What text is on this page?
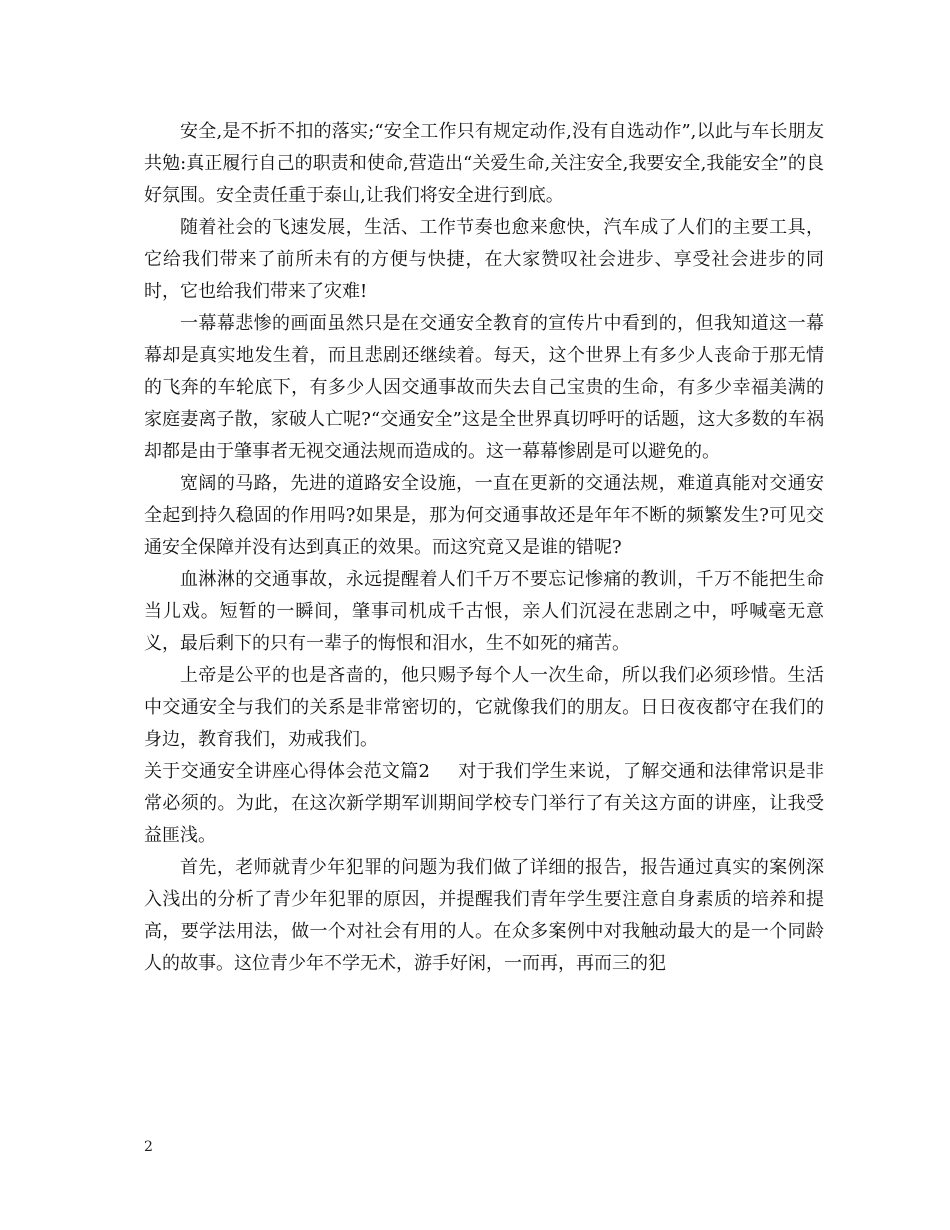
安全,是不折不扣的落实;“安全工作只有规定动作,没有自选动作”,以此与车长朋友共勉:真正履行自己的职责和使命,营造出“关爱生命,关注安全,我要安全,我能安全”的良好氛围。安全责任重于泰山,让我们将安全进行到底。

随着社会的飞速发展，生活、工作节奏也愈来愈快，汽车成了人们的主要工具，它给我们带来了前所未有的方便与快捷，在大家赞叹社会进步、享受社会进步的同时，它也给我们带来了灾难!

一幕幕悲惨的画面虽然只是在交通安全教育的宣传片中看到的，但我知道这一幕幕却是真实地发生着，而且悲剧还继续着。每天，这个世界上有多少人丧命于那无情的飞奔的车轮底下，有多少人因交通事故而失去自己宝贵的生命，有多少幸福美满的家庭妻离子散，家破人亡呢?“交通安全”这是全世界真切呼吁的话题，这大多数的车祸却都是由于肇事者无视交通法规而造成的。这一幕幕惨剧是可以避免的。

宽阔的马路，先进的道路安全设施，一直在更新的交通法规，难道真能对交通安全起到持久稳固的作用吗?如果是，那为何交通事故还是年年不断的频繁发生?可见交通安全保障并没有达到真正的效果。而这究竟又是谁的错呢?

血淋淋的交通事故，永远提醒着人们千万不要忘记惨痛的教训，千万不能把生命当儿戏。短暂的一瞬间，肇事司机成千古恨，亲人们沉浸在悲剧之中，呼喊毫无意义，最后剩下的只有一辈子的悔恨和泪水，生不如死的痛苦。

上帝是公平的也是吝啬的，他只赐予每个人一次生命，所以我们必须珍惜。生活中交通安全与我们的关系是非常密切的，它就像我们的朋友。日日夜夜都守在我们的身边，教育我们，劝戒我们。

关于交通安全讲座心得体会范文篇2 对于我们学生来说，了解交通和法律常识是非常必须的。为此，在这次新学期军训期间学校专门举行了有关这方面的讲座，让我受益匪浅。

首先，老师就青少年犯罪的问题为我们做了详细的报告，报告通过真实的案例深入浅出的分析了青少年犯罪的原因，并提醒我们青年学生要注意自身素质的培养和提高，要学法用法，做一个对社会有用的人。在众多案例中对我触动最大的是一个同龄人的故事。这位青少年不学无术，游手好闲，一而再，再而三的犯

2
